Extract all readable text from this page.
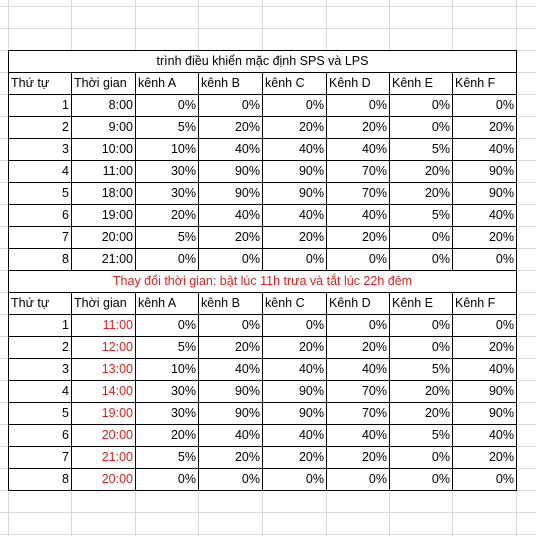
trình điều khiển mặc định SPS và LPS							
Thứ tự	Thời gian	kênh A	kênh B	kênh C	Kênh D	Kênh E	Kênh F
1	8:00	0%	0%	0%	0%	0%	0%
2	9:00	5%	20%	20%	20%	0%	20%
3	10:00	10%	40%	40%	40%	5%	40%
4	11:00	30%	90%	90%	70%	20%	90%
5	18:00	30%	90%	90%	70%	20%	90%
6	19:00	20%	40%	40%	40%	5%	40%
7	20:00	5%	20%	20%	20%	0%	20%
8	21:00	0%	0%	0%	0%	0%	0%
Thay đổi thời gian: bật lúc 11h trưa và tắt lúc 22h đêm							
Thứ tự	Thời gian	kênh A	kênh B	kênh C	Kênh D	Kênh E	Kênh F
1	11:00	0%	0%	0%	0%	0%	0%
2	12:00	5%	20%	20%	20%	0%	20%
3	13:00	10%	40%	40%	40%	5%	40%
4	14:00	30%	90%	90%	70%	20%	90%
5	19:00	30%	90%	90%	70%	20%	90%
6	20:00	20%	40%	40%	40%	5%	40%
7	21:00	5%	20%	20%	20%	0%	20%
8	20:00	0%	0%	0%	0%	0%	0%
